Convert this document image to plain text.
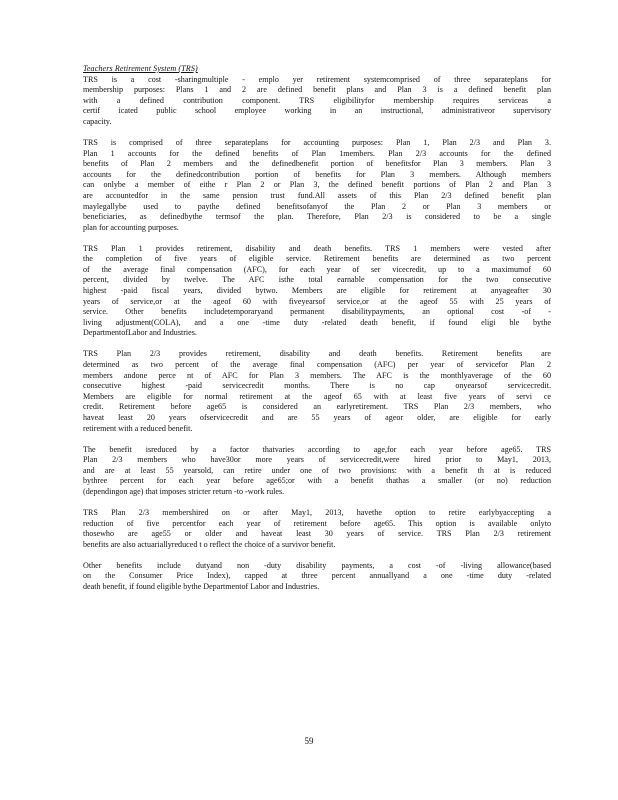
Teachers Retirement System (TRS)

TRS is a cost -sharingmultiple - emplo yer retirement systemcomprised of three separateplans for
membership purposes: Plans 1 and 2 are defined benefit plans and Plan 3 is a defined benefit plan
with a defined contribution component. TRS eligibilityfor membership requires serviceas a
certif icated public school employee working in an instructional, administrativeor supervisory
capacity.

TRS is comprised of three separateplans for accounting purposes: Plan 1, Plan 2/3 and Plan 3.
Plan 1 accounts for the defined benefits of Plan 1members. Plan 2/3 accounts for the defined
benefits of Plan 2 members and the definedbenefit portion of benefitsfor Plan 3 members. Plan 3
accounts for the definedcontribution portion of benefits for Plan 3 members. Although members
can onlybe a member of eithe r Plan 2 or Plan 3, the defined benefit portions of Plan 2 and Plan 3
are accountedfor in the same pension trust fund.All assets of this Plan 2/3 defined benefit plan
maylegallybe used to paythe defined benefitsofanyof the Plan 2 or Plan 3 members or
beneficiaries, as definedbythe termsof the plan. Therefore, Plan 2/3 is considered to be a single
plan for accounting purposes.

TRS Plan 1 provides retirement, disability and death benefits. TRS 1 members were vested after
the completion of five years of eligible service. Retirement benefits are determined as two percent
of the average final compensation (AFC), for each year of ser vicecredit, up to a maximumof 60
percent, divided by twelve. The AFC isthe total earnable compensation for the two consecutive
highest -paid fiscal years, divided bytwo. Members are eligible for retirement at anyageafter 30
years of service,or at the ageof 60 with fiveyearsof service,or at the ageof 55 with 25 years of
service. Other benefits includetemporaryand permanent disabilitypayments, an optional cost -of -
living adjustment(COLA), and a one -time duty -related death benefit, if found eligi ble bythe
DepartmentofLabor and Industries.

TRS Plan 2/3 provides retirement, disability and death benefits. Retirement benefits are
determined as two percent of the average final compensation (AFC) per year of servicefor Plan 2
members andone perce nt of AFC for Plan 3 members. The AFC is the monthlyaverage of the 60
consecutive highest -paid servicecredit months. There is no cap onyearsof servicecredit.
Members are eligible for normal retirement at the ageof 65 with at least five years of servi ce
credit. Retirement before age65 is considered an earlyretirement. TRS Plan 2/3 members, who
haveat least 20 years ofservicecredit and are 55 years of ageor older, are eligible for early
retirement with a reduced benefit.

The benefit isreduced by a factor thatvaries according to age,for each year before age65. TRS
Plan 2/3 members who have30or more years of servicecredit,were hired prior to May1, 2013,
and are at least 55 yearsold, can retire under one of two provisions: with a benefit th at is reduced
bythree percent for each year before age65;or with a benefit thathas a smaller (or no) reduction
(dependingon age) that imposes stricter return -to -work rules.

TRS Plan 2/3 membershired on or after May1, 2013, havethe option to retire earlybyaccepting a
reduction of five percentfor each year of retirement before age65. This option is available onlyto
thosewho are age55 or older and haveat least 30 years of service. TRS Plan 2/3 retirement
benefits are also actuariallyreduced t o reflect the choice of a survivor benefit.

Other benefits include dutyand non -duty disability payments, a cost -of -living allowance(based
on the Consumer Price Index), capped at three percent annuallyand a one -time duty -related
death benefit, if found eligible bythe Departmentof Labor and Industries.

59
